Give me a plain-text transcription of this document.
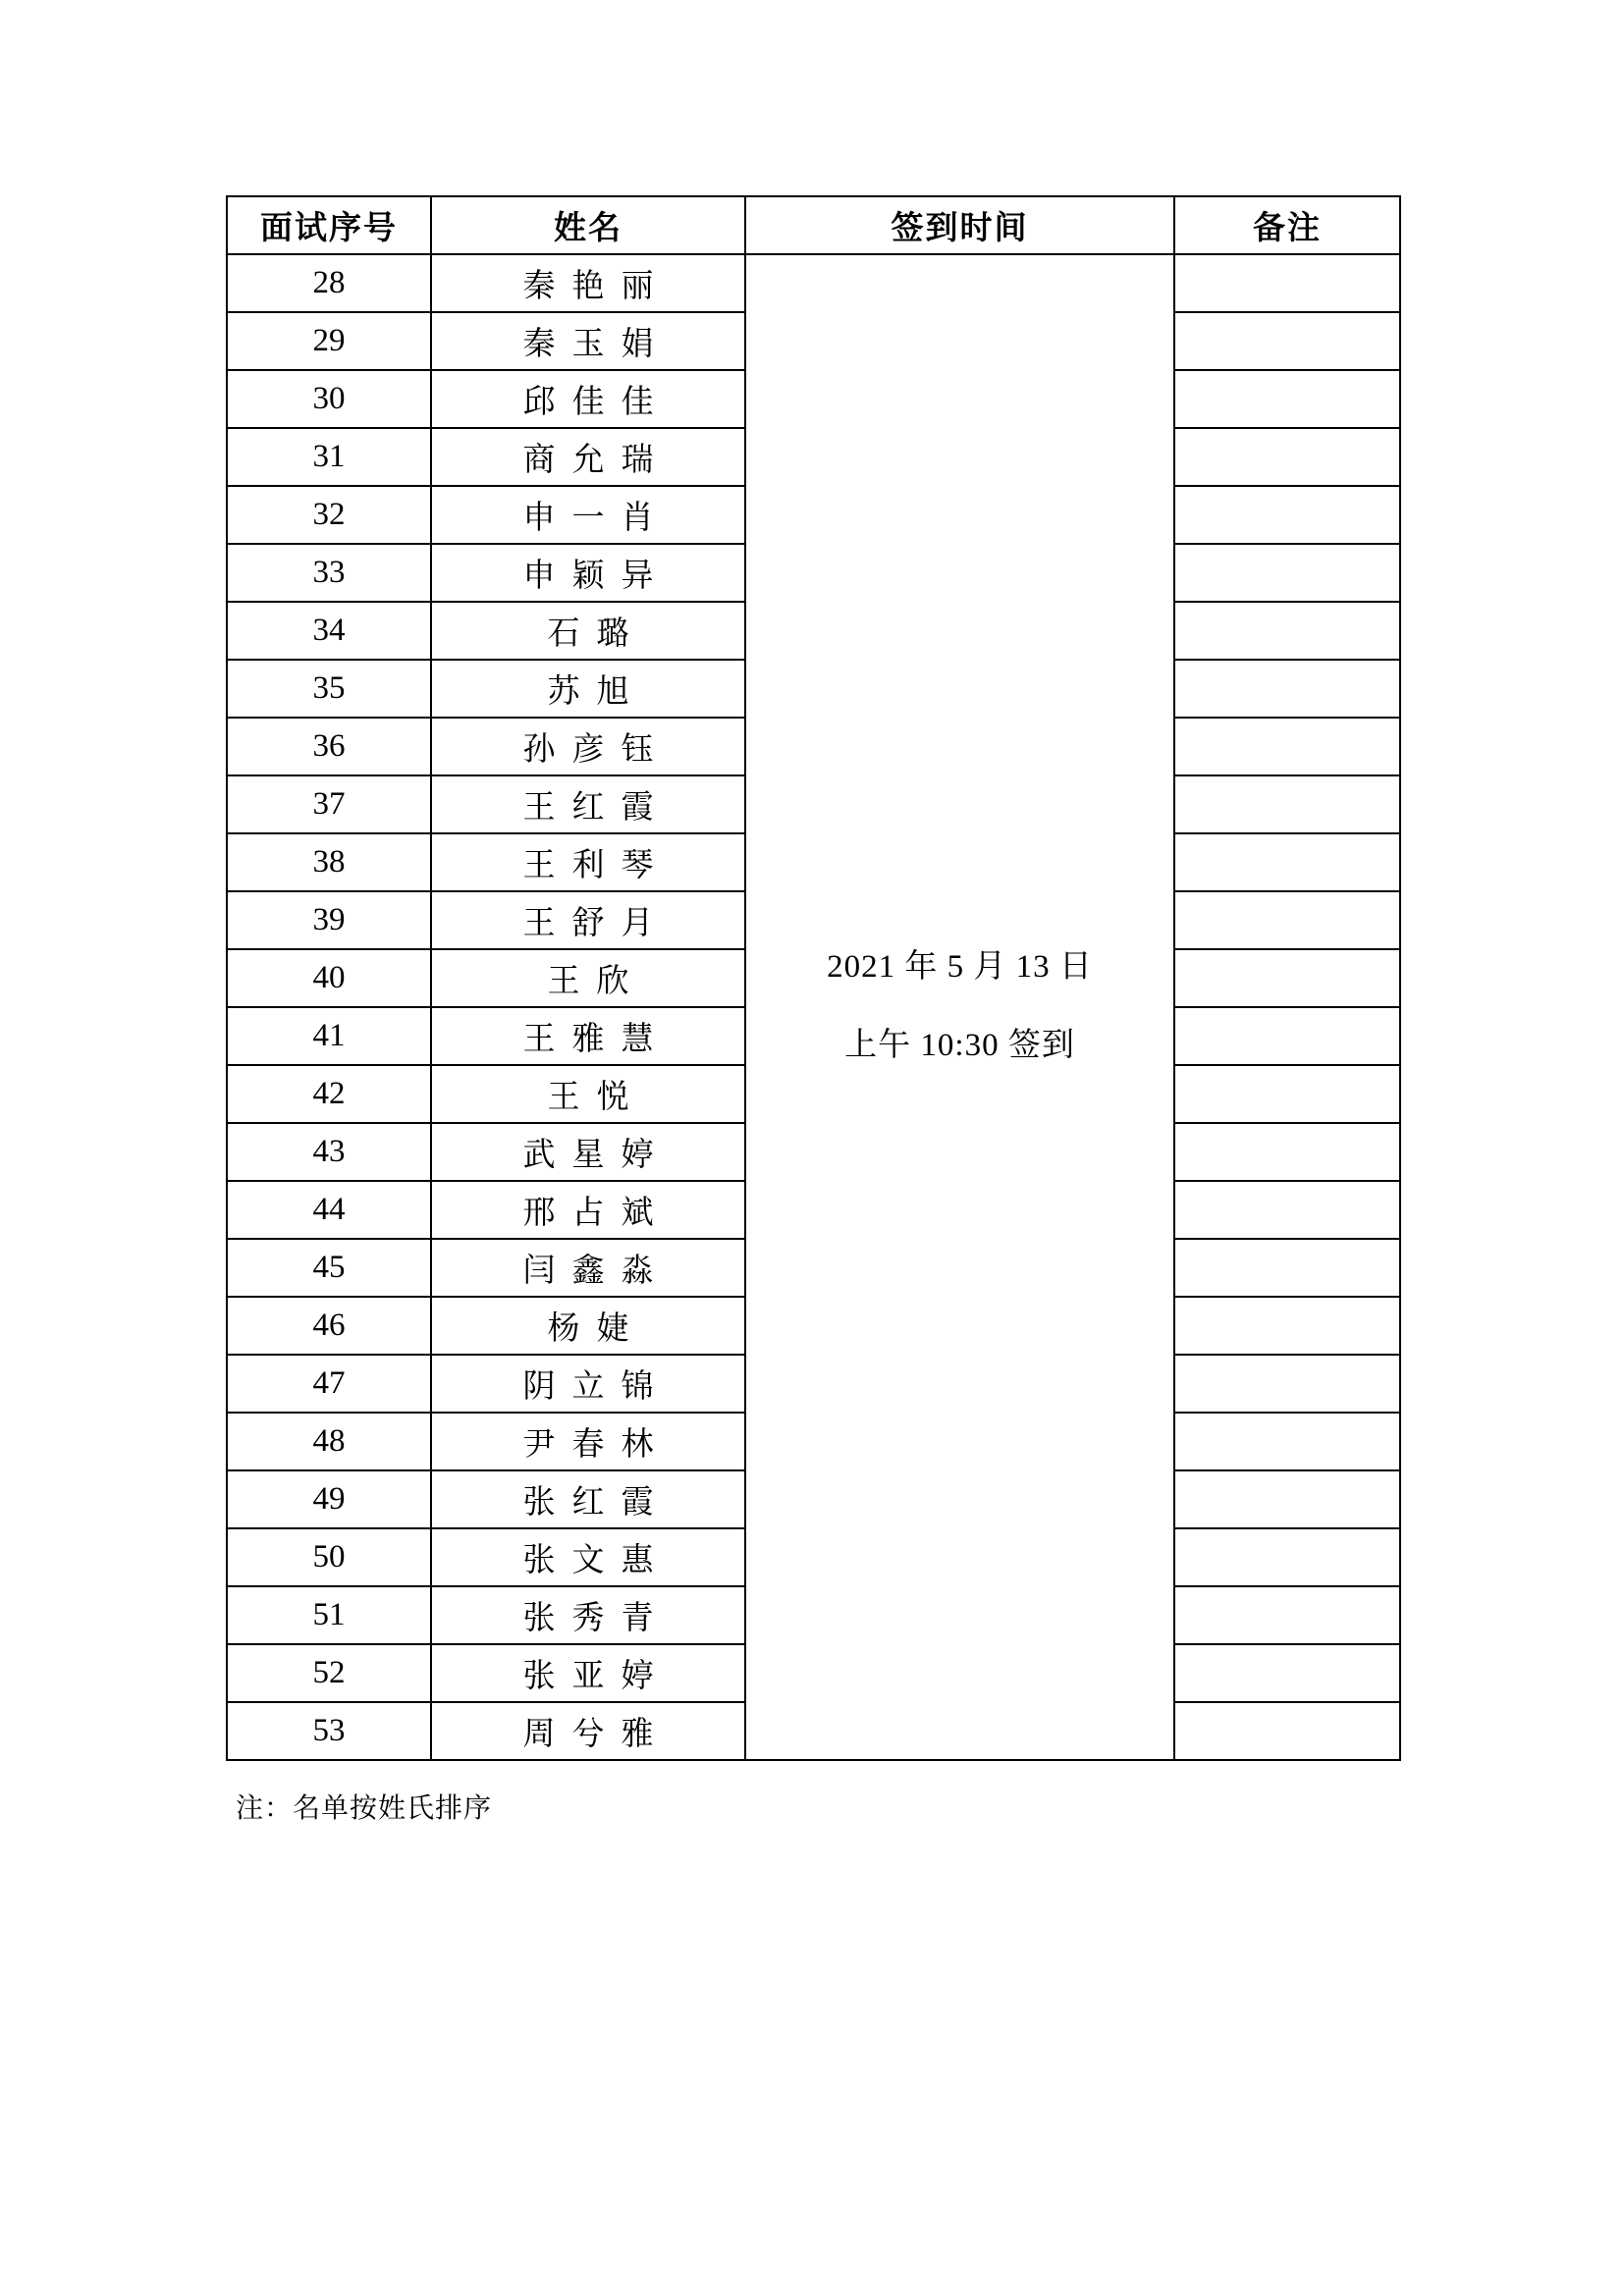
面试序号	姓名	签到时间	备注
28	秦艳丽	2021 年 5 月 13 日
上午 10:30 签到	

29	秦玉娟		
30	邱佳佳		
31	商允瑞		
32	申一肖		
33	申颖异		
34	石璐		
35	苏旭		
36	孙彦钰		
37	王红霞		
38	王利琴		
39	王舒月		
40	王欣		
41	王雅慧		
42	王悦		
43	武星婷		
44	邢占斌		
45	闫鑫淼		
46	杨婕		
47	阴立锦		
48	尹春林		
49	张红霞		
50	张文惠		
51	张秀青		
52	张亚婷		
53	周兮雅		
注：名单按姓氏排序
